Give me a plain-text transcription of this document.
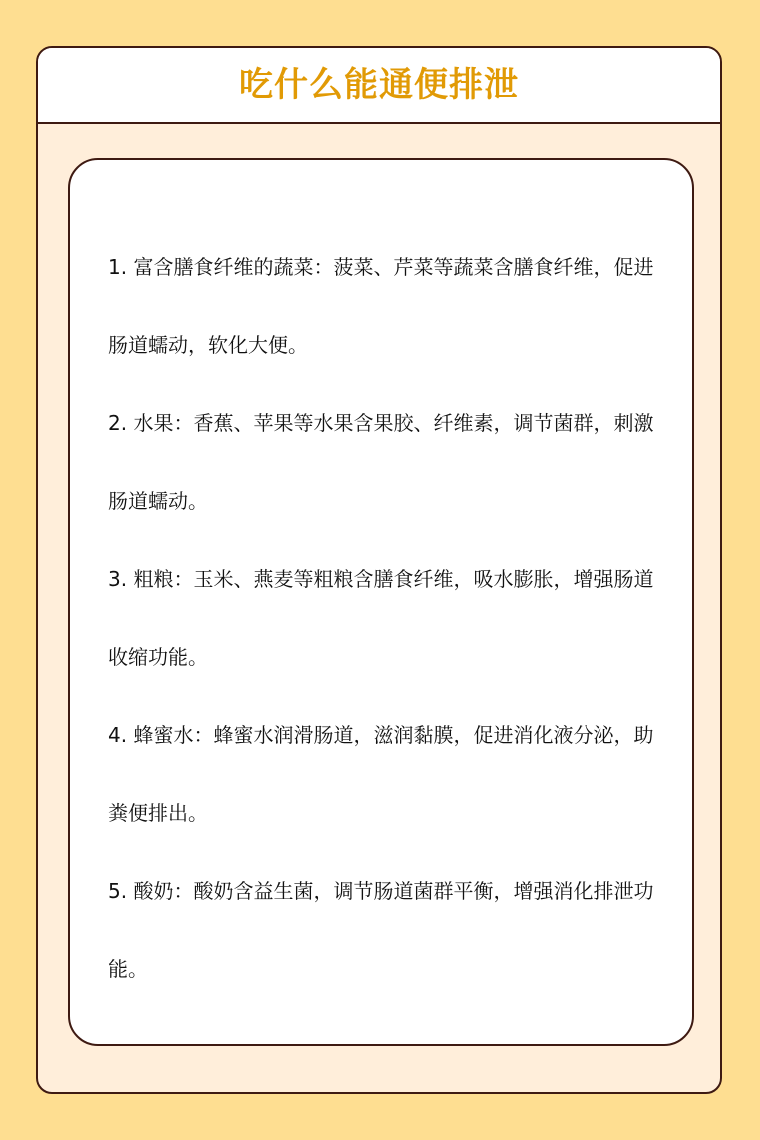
吃什么能通便排泄

1. 富含膳食纤维的蔬菜：菠菜、芹菜等蔬菜含膳食纤维，促进肠道蠕动，软化大便。

2. 水果：香蕉、苹果等水果含果胶、纤维素，调节菌群，刺激肠道蠕动。

3. 粗粮：玉米、燕麦等粗粮含膳食纤维，吸水膨胀，增强肠道收缩功能。

4. 蜂蜜水：蜂蜜水润滑肠道，滋润黏膜，促进消化液分泌，助粪便排出。

5. 酸奶：酸奶含益生菌，调节肠道菌群平衡，增强消化排泄功能。
